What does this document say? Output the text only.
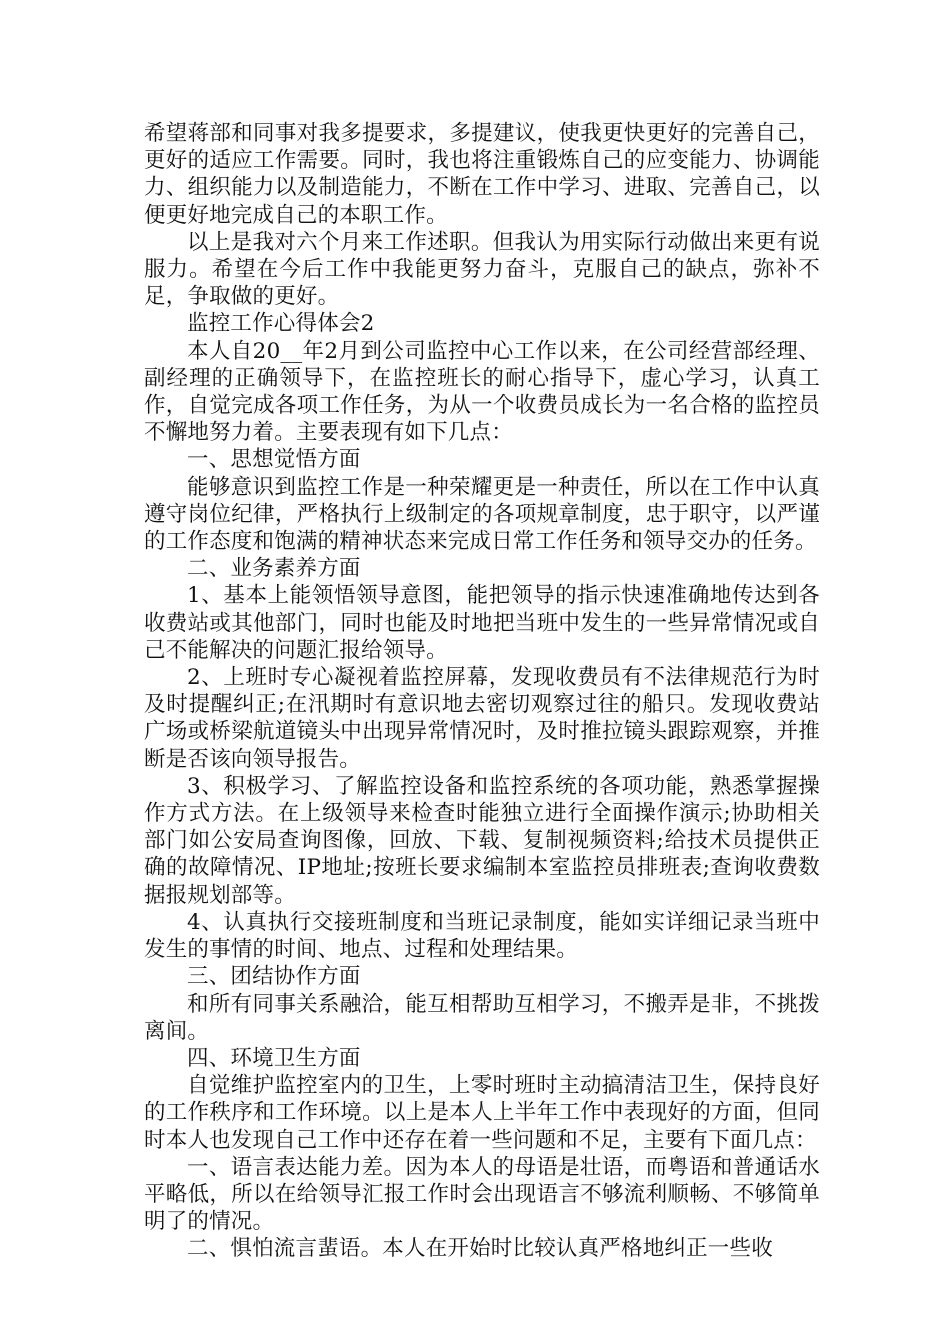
希望蒋部和同事对我多提要求，多提建议，使我更快更好的完善自己，更好的适应工作需要。同时，我也将注重锻炼自己的应变能力、协调能力、组织能力以及制造能力，不断在工作中学习、进取、完善自己，以便更好地完成自己的本职工作。

以上是我对六个月来工作述职。但我认为用实际行动做出来更有说服力。希望在今后工作中我能更努力奋斗，克服自己的缺点，弥补不足，争取做的更好。

监控工作心得体会2

本人自20__年2月到公司监控中心工作以来，在公司经营部经理、副经理的正确领导下，在监控班长的耐心指导下，虚心学习，认真工作，自觉完成各项工作任务，为从一个收费员成长为一名合格的监控员不懈地努力着。主要表现有如下几点：

一、思想觉悟方面

能够意识到监控工作是一种荣耀更是一种责任，所以在工作中认真遵守岗位纪律，严格执行上级制定的各项规章制度，忠于职守，以严谨的工作态度和饱满的精神状态来完成日常工作任务和领导交办的任务。

二、业务素养方面

1、基本上能领悟领导意图，能把领导的指示快速准确地传达到各收费站或其他部门，同时也能及时地把当班中发生的一些异常情况或自己不能解决的问题汇报给领导。

2、上班时专心凝视着监控屏幕，发现收费员有不法律规范行为时及时提醒纠正;在汛期时有意识地去密切观察过往的船只。发现收费站广场或桥梁航道镜头中出现异常情况时，及时推拉镜头跟踪观察，并推断是否该向领导报告。

3、积极学习、了解监控设备和监控系统的各项功能，熟悉掌握操作方式方法。在上级领导来检查时能独立进行全面操作演示;协助相关部门如公安局查询图像，回放、下载、复制视频资料;给技术员提供正确的故障情况、IP地址;按班长要求编制本室监控员排班表;查询收费数据报规划部等。

4、认真执行交接班制度和当班记录制度，能如实详细记录当班中发生的事情的时间、地点、过程和处理结果。

三、团结协作方面

和所有同事关系融洽，能互相帮助互相学习，不搬弄是非，不挑拨离间。

四、环境卫生方面

自觉维护监控室内的卫生，上零时班时主动搞清洁卫生，保持良好的工作秩序和工作环境。以上是本人上半年工作中表现好的方面，但同时本人也发现自己工作中还存在着一些问题和不足，主要有下面几点：

一、语言表达能力差。因为本人的母语是壮语，而粤语和普通话水平略低，所以在给领导汇报工作时会出现语言不够流利顺畅、不够简单明了的情况。

二、惧怕流言蜚语。本人在开始时比较认真严格地纠正一些收
